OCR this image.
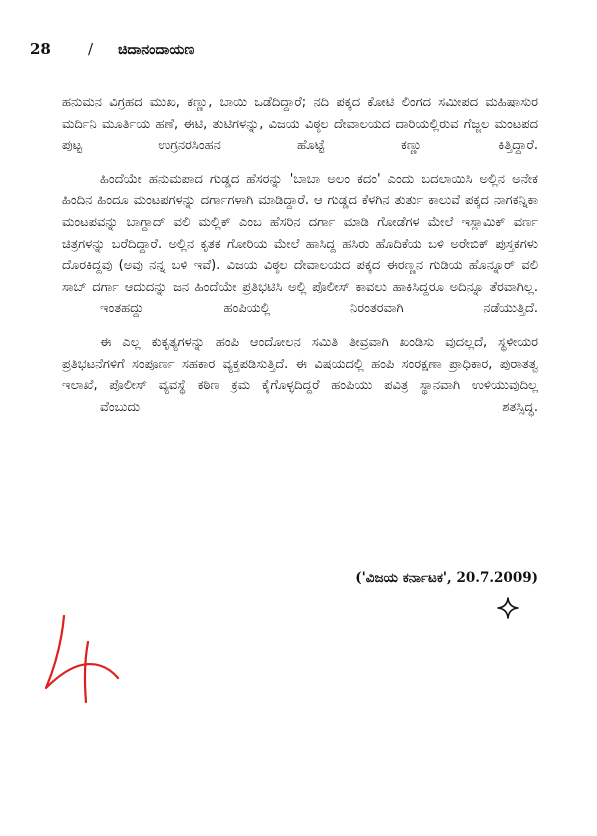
28 / ಚಿದಾನಂದಾಯಣ

ಹನುಮನ ವಿಗ್ರಹದ ಮುಖ, ಕಣ್ಣು, ಬಾಯಿ ಒಡೆದಿದ್ದಾರೆ; ನದಿ ಪಕ್ಕದ ಕೋಟಿ ಲಿಂಗದ ಸಮೀಪದ ಮಹಿಷಾಸುರ ಮರ್ದಿನಿ ಮೂರ್ತಿಯ ಹಣೆ, ಈಟಿ, ತುಟಿಗಳನ್ನು, ವಿಜಯ ವಿಠ್ಠಲ ದೇವಾಲಯದ ದಾರಿಯಲ್ಲಿರುವ ಗೆಜ್ಜಲ ಮಂಟಪದ
ಪುಟ್ಟ ಉಗ್ರನರಸಿಂಹನ ಹೊಟ್ಟೆ ಕಣ್ಣು ಕಿತ್ತಿದ್ದಾರೆ.

ಹಿಂದೆಯೇ ಹನುಮಪಾದ ಗುಡ್ಡದ ಹೆಸರನ್ನು 'ಬಾಬಾ ಅಲಂ ಕದಂ' ಎಂದು ಬದಲಾಯಿಸಿ ಅಲ್ಲಿನ ಅನೇಕ ಹಿಂದಿನ ಹಿಂದೂ ಮಂಟಪಗಳನ್ನು ದರ್ಗಾಗಳಾಗಿ ಮಾಡಿದ್ದಾರೆ. ಆ ಗುಡ್ಡದ ಕೆಳಗಿನ ತುರ್ತು ಕಾಲುವೆ ಪಕ್ಕದ ನಾಗಕನ್ನಿಕಾ ಮಂಟಪವನ್ನು ಬಾಗ್ದಾದ್ ವಲಿ ಮಲ್ಲಿಕ್ ಎಂಬ ಹೆಸರಿನ ದರ್ಗಾ ಮಾಡಿ ಗೋಡೆಗಳ ಮೇಲೆ ಇಸ್ಲಾಮಿಕ್ ವರ್ಣ ಚಿತ್ರಗಳನ್ನು ಬರೆದಿದ್ದಾರೆ. ಅಲ್ಲಿನ ಕೃತಕ ಗೋರಿಯ ಮೇಲೆ ಹಾಸಿದ್ದ ಹಸಿರು ಹೊದಿಕೆಯ ಬಳಿ ಅರೇಬಿಕ್ ಪುಸ್ತಕಗಳು ದೊರಕಿದ್ದವು (ಅವು ನನ್ನ ಬಳಿ ಇವೆ). ವಿಜಯ ವಿಠ್ಠಲ ದೇವಾಲಯದ ಪಕ್ಕದ ಈರಣ್ಣನ ಗುಡಿಯ ಹೊನ್ನೂರ್ ವಲಿ ಸಾಬ್ ದರ್ಗಾ ಆದುದನ್ನು ಜನ ಹಿಂದೆಯೇ ಪ್ರತಿಭಟಿಸಿ ಅಲ್ಲಿ ಪೊಲೀಸ್ ಕಾವಲು ಹಾಕಿಸಿದ್ದರೂ ಅದಿನ್ನೂ ತೆರವಾಗಿಲ್ಲ.
ಇಂತಹದ್ದು ಹಂಪಿಯಲ್ಲಿ ನಿರಂತರವಾಗಿ ನಡೆಯುತ್ತಿದೆ.

ಈ ಎಲ್ಲ ಕುಕೃತ್ಯಗಳನ್ನು ಹಂಪಿ ಆಂದೋಲನ ಸಮಿತಿ ತೀವ್ರವಾಗಿ ಖಂಡಿಸು ವುದಲ್ಲದೆ, ಸ್ಥಳೀಯರ ಪ್ರತಿಭಟನೆಗಳಿಗೆ ಸಂಪೂರ್ಣ ಸಹಕಾರ ವ್ಯಕ್ತಪಡಿಸುತ್ತಿದೆ. ಈ ವಿಷಯದಲ್ಲಿ ಹಂಪಿ ಸಂರಕ್ಷಣಾ ಪ್ರಾಧಿಕಾರ, ಪುರಾತತ್ವ ಇಲಾಖೆ, ಪೊಲೀಸ್ ವ್ಯವಸ್ಥೆ ಕಠಿಣ ಕ್ರಮ ಕೈಗೊಳ್ಳದಿದ್ದರೆ ಹಂಪಿಯು ಪವಿತ್ರ ಸ್ಥಾನವಾಗಿ ಉಳಿಯುವುದಿಲ್ಲ
ವೆಂಬುದು ಶತಸ್ಸಿದ್ಧ.

('ವಿಜಯ ಕರ್ನಾಟಕ', 20.7.2009)
